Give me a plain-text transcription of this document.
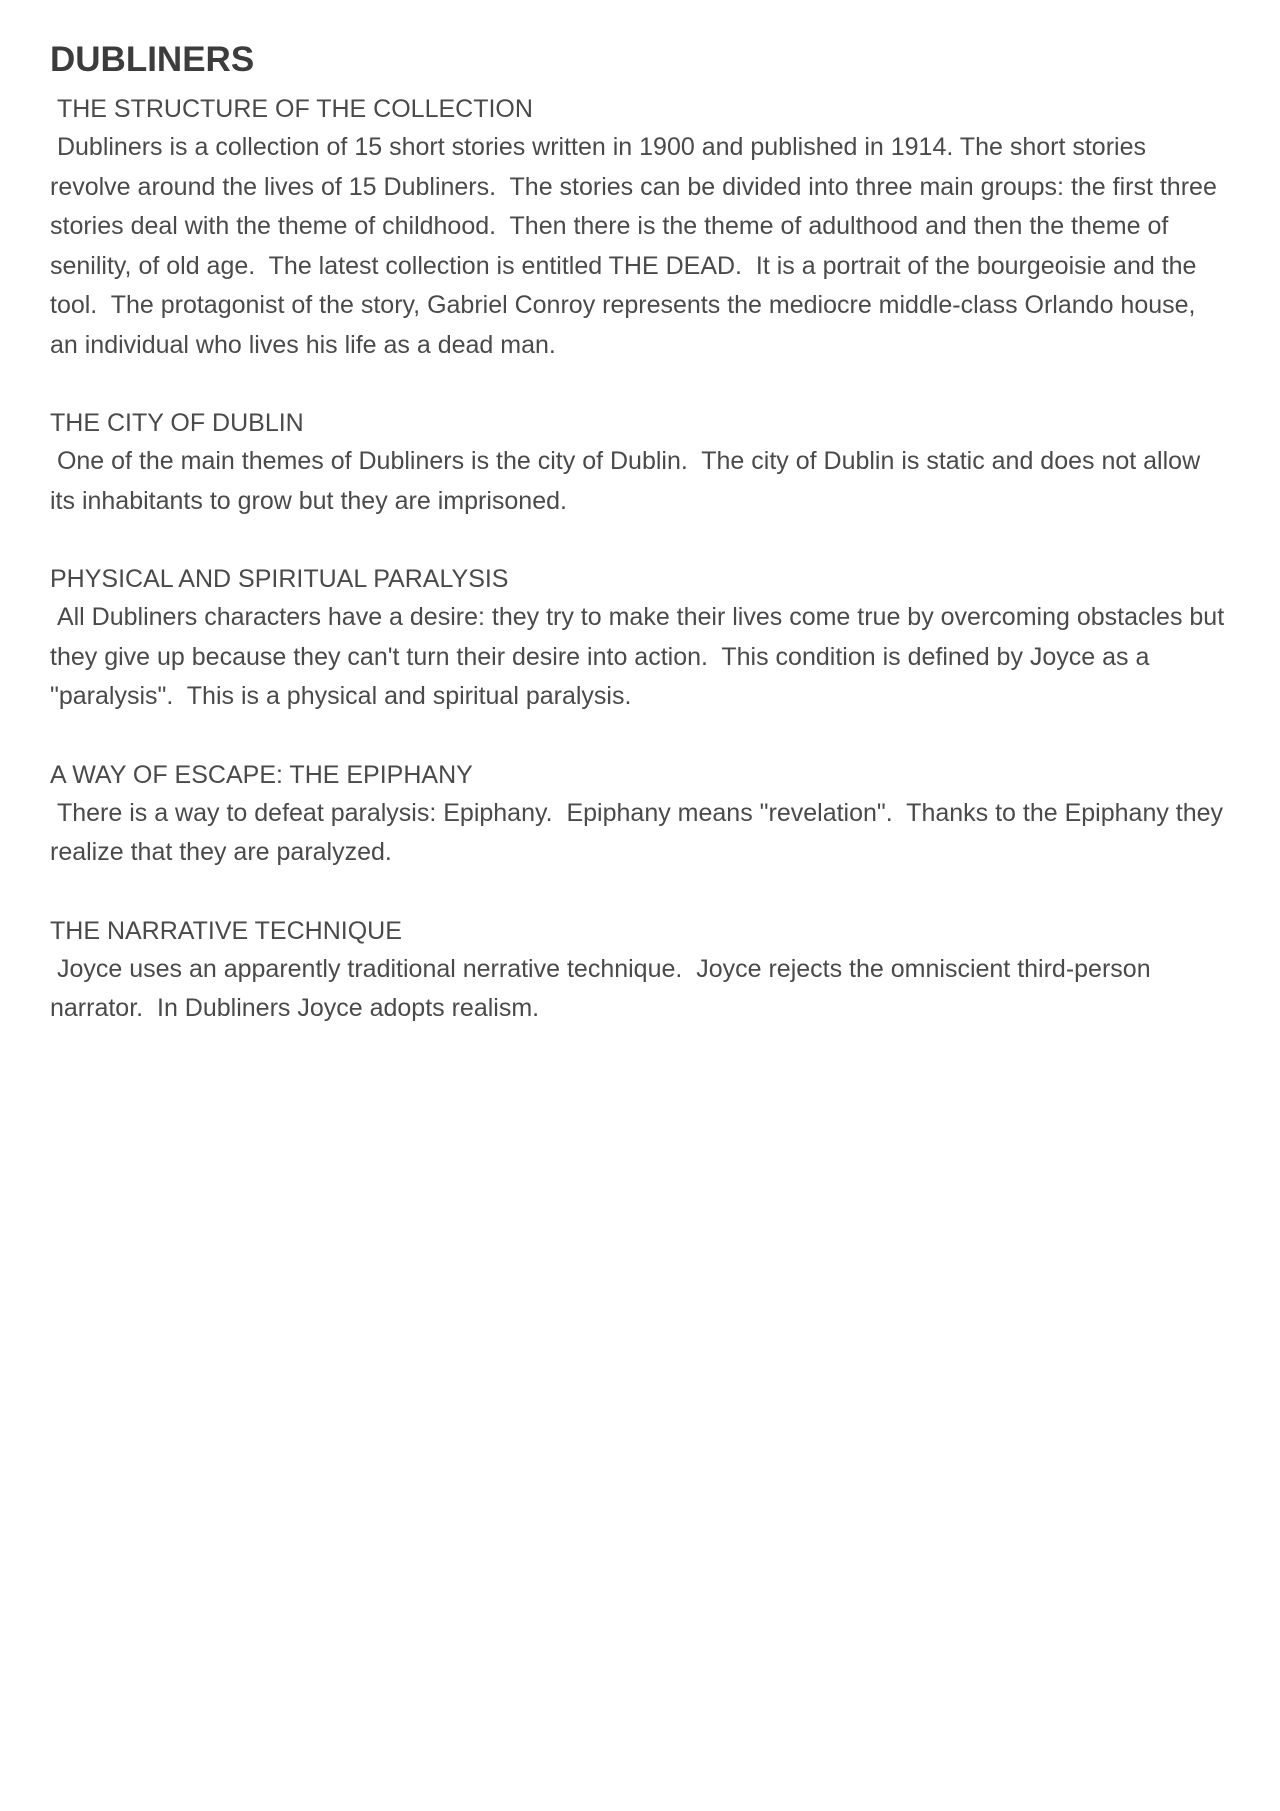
DUBLINERS

THE STRUCTURE OF THE COLLECTION

Dubliners is a collection of 15 short stories written in 1900 and published in 1914. The short stories revolve around the lives of 15 Dubliners.  The stories can be divided into three main groups: the first three stories deal with the theme of childhood.  Then there is the theme of adulthood and then the theme of senility, of old age.  The latest collection is entitled THE DEAD.  It is a portrait of the bourgeoisie and the tool.  The protagonist of the story, Gabriel Conroy represents the mediocre middle-class Orlando house, an individual who lives his life as a dead man.

THE CITY OF DUBLIN

One of the main themes of Dubliners is the city of Dublin.  The city of Dublin is static and does not allow its inhabitants to grow but they are imprisoned.

PHYSICAL AND SPIRITUAL PARALYSIS

All Dubliners characters have a desire: they try to make their lives come true by overcoming obstacles but they give up because they can't turn their desire into action.  This condition is defined by Joyce as a "paralysis".  This is a physical and spiritual paralysis.

A WAY OF ESCAPE: THE EPIPHANY

There is a way to defeat paralysis: Epiphany.  Epiphany means "revelation".  Thanks to the Epiphany they realize that they are paralyzed.

THE NARRATIVE TECHNIQUE

Joyce uses an apparently traditional nerrative technique.  Joyce rejects the omniscient third-person narrator.  In Dubliners Joyce adopts realism.
